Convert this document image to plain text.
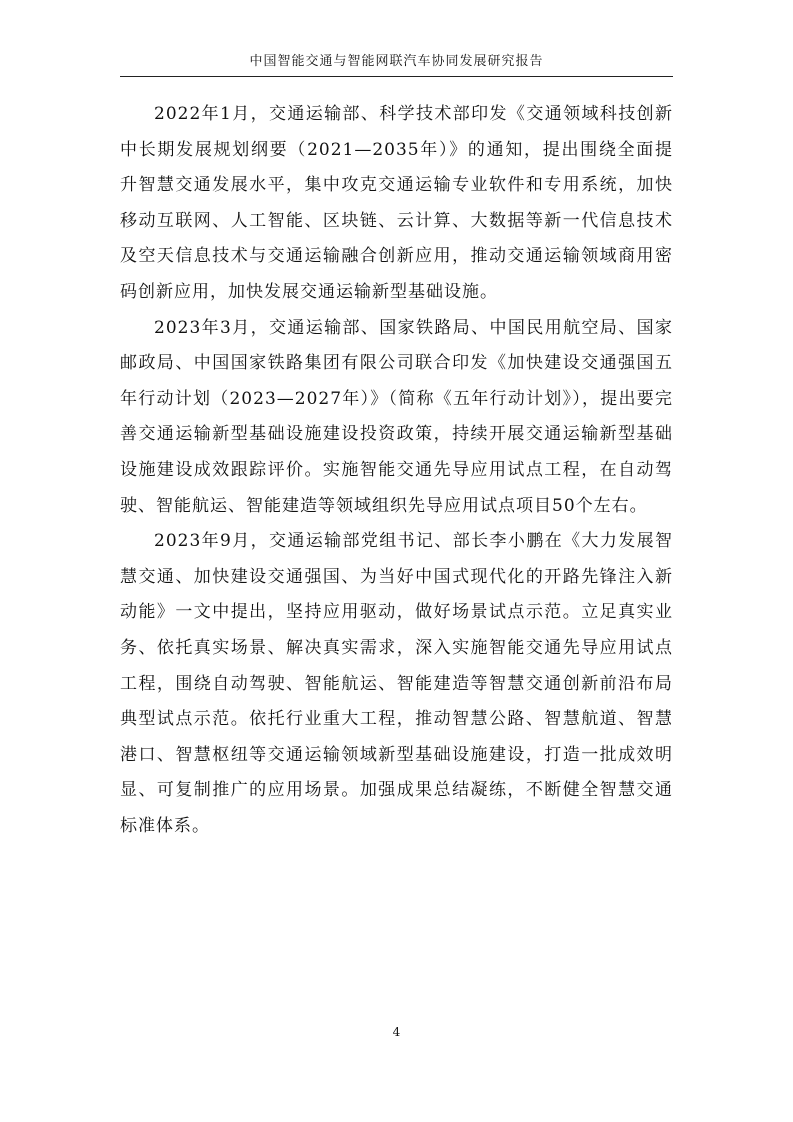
中国智能交通与智能网联汽车协同发展研究报告

2022年1月，交通运输部、科学技术部印发《交通领域科技创新中长期发展规划纲要（2021—2035年）》的通知，提出围绕全面提升智慧交通发展水平，集中攻克交通运输专业软件和专用系统，加快移动互联网、人工智能、区块链、云计算、大数据等新一代信息技术及空天信息技术与交通运输融合创新应用，推动交通运输领域商用密码创新应用，加快发展交通运输新型基础设施。

2023年3月，交通运输部、国家铁路局、中国民用航空局、国家邮政局、中国国家铁路集团有限公司联合印发《加快建设交通强国五年行动计划（2023—2027年）》（简称《五年行动计划》），提出要完善交通运输新型基础设施建设投资政策，持续开展交通运输新型基础设施建设成效跟踪评价。实施智能交通先导应用试点工程，在自动驾驶、智能航运、智能建造等领域组织先导应用试点项目50个左右。

2023年9月，交通运输部党组书记、部长李小鹏在《大力发展智慧交通、加快建设交通强国、为当好中国式现代化的开路先锋注入新动能》一文中提出，坚持应用驱动，做好场景试点示范。立足真实业务、依托真实场景、解决真实需求，深入实施智能交通先导应用试点工程，围绕自动驾驶、智能航运、智能建造等智慧交通创新前沿布局典型试点示范。依托行业重大工程，推动智慧公路、智慧航道、智慧港口、智慧枢纽等交通运输领域新型基础设施建设，打造一批成效明显、可复制推广的应用场景。加强成果总结凝练，不断健全智慧交通标准体系。

4
